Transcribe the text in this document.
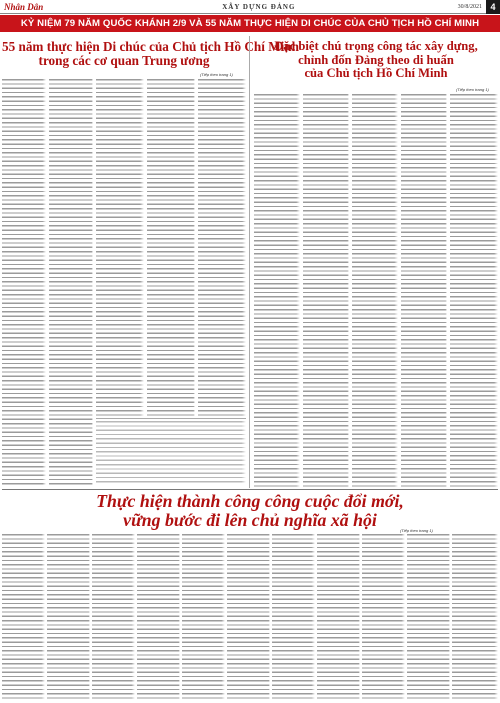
Nhân Dân	XÂY DỰNG ĐẢNG	30/8/2021 4
KỶ NIỆM 79 NĂM QUỐC KHÁNH 2/9 VÀ 55 NĂM THỰC HIỆN DI CHÚC CỦA CHỦ TỊCH HỒ CHÍ MINH
55 năm thực hiện Di chúc của Chủ tịch Hồ Chí Minh
trong các cơ quan Trung ương
(Tiếp theo trang 1)
Đặc biệt chú trọng công tác xây dựng,
chỉnh đốn Đảng theo di huấn
của Chủ tịch Hồ Chí Minh
(Tiếp theo trang 1)
Thực hiện thành công công cuộc đổi mới,
vững bước đi lên chủ nghĩa xã hội
(Tiếp theo trang 1)
